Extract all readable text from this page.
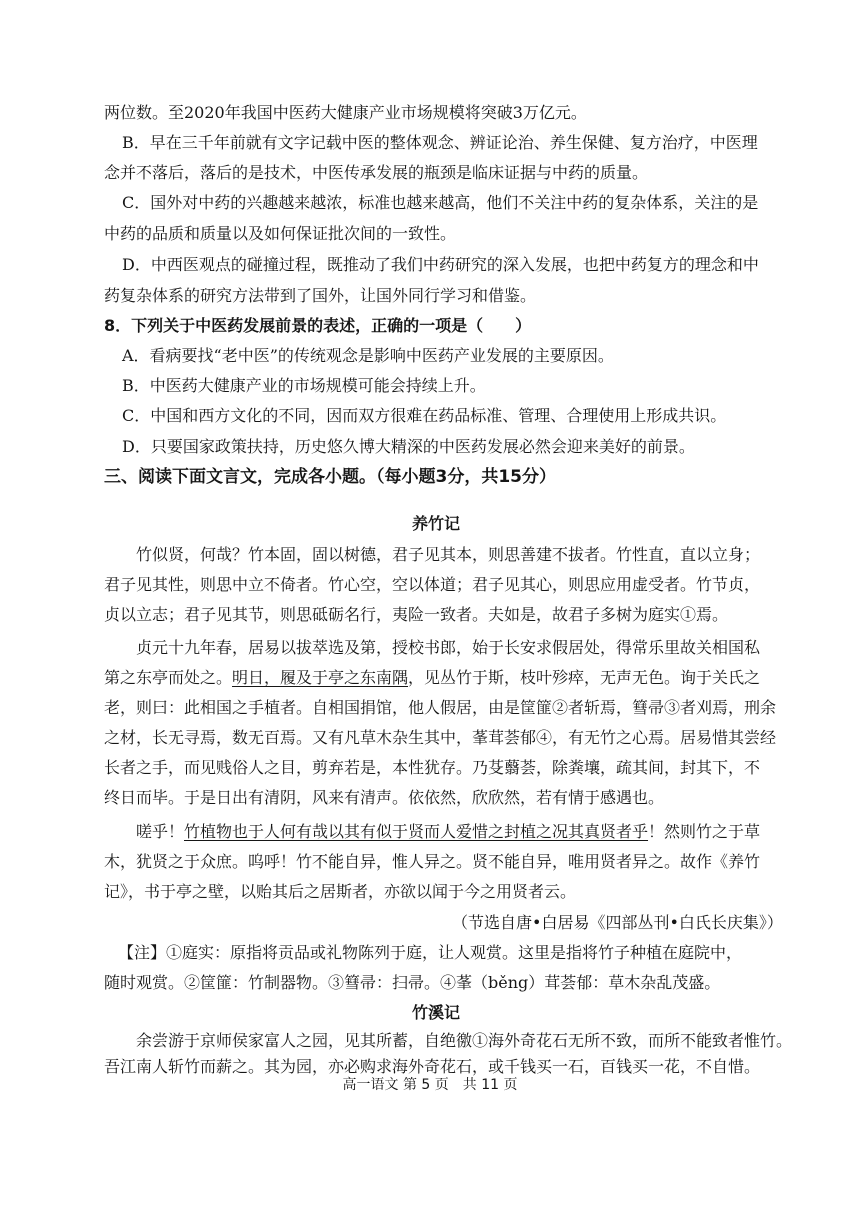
两位数。至2020年我国中医药大健康产业市场规模将突破3万亿元。
B．早在三千年前就有文字记载中医的整体观念、辨证论治、养生保健、复方治疗，中医理
念并不落后，落后的是技术，中医传承发展的瓶颈是临床证据与中药的质量。
C．国外对中药的兴趣越来越浓，标准也越来越高，他们不关注中药的复杂体系，关注的是
中药的品质和质量以及如何保证批次间的一致性。
D．中西医观点的碰撞过程，既推动了我们中药研究的深入发展，也把中药复方的理念和中
药复杂体系的研究方法带到了国外，让国外同行学习和借鉴。
8．下列关于中医药发展前景的表述，正确的一项是（　　）
A．看病要找“老中医”的传统观念是影响中医药产业发展的主要原因。
B．中医药大健康产业的市场规模可能会持续上升。
C．中国和西方文化的不同，因而双方很难在药品标准、管理、合理使用上形成共识。
D．只要国家政策扶持，历史悠久博大精深的中医药发展必然会迎来美好的前景。
三、阅读下面文言文，完成各小题。（每小题3分，共15分）
养竹记
竹似贤，何哉？竹本固，固以树德，君子见其本，则思善建不拔者。竹性直，直以立身；
君子见其性，则思中立不倚者。竹心空，空以体道；君子见其心，则思应用虚受者。竹节贞，
贞以立志；君子见其节，则思砥砺名行，夷险一致者。夫如是，故君子多树为庭实①焉。
贞元十九年春，居易以拔萃选及第，授校书郎，始于长安求假居处，得常乐里故关相国私
第之东亭而处之。明日，履及于亭之东南隅，见丛竹于斯，枝叶殄瘁，无声无色。询于关氏之
老，则曰：此相国之手植者。自相国捐馆，他人假居，由是筐篚②者斩焉，篲帚③者刈焉，刑余
之材，长无寻焉，数无百焉。又有凡草木杂生其中，莑茸荟郁④，有无竹之心焉。居易惜其尝经
长者之手，而见贱俗人之目，剪弃若是，本性犹存。乃芟蘙荟，除粪壤，疏其间，封其下，不
终日而毕。于是日出有清阴，风来有清声。依依然，欣欣然，若有情于感遇也。
嗟乎！竹植物也于人何有哉以其有似于贤而人爱惜之封植之况其真贤者乎！然则竹之于草
木，犹贤之于众庶。呜呼！竹不能自异，惟人异之。贤不能自异，唯用贤者异之。故作《养竹
记》，书于亭之壁，以贻其后之居斯者，亦欲以闻于今之用贤者云。
（节选自唐•白居易《四部丛刊•白氏长庆集》）
【注】①庭实：原指将贡品或礼物陈列于庭，让人观赏。这里是指将竹子种植在庭院中，
随时观赏。②筐篚：竹制器物。③篲帚：扫帚。④莑（běng）茸荟郁：草木杂乱茂盛。
竹溪记
余尝游于京师侯家富人之园，见其所蓄，自绝徼①海外奇花石无所不致，而所不能致者惟竹。
吾江南人斩竹而薪之。其为园，亦必购求海外奇花石，或千钱买一石，百钱买一花，不自惜。
高一语文 第 5 页　共 11 页
